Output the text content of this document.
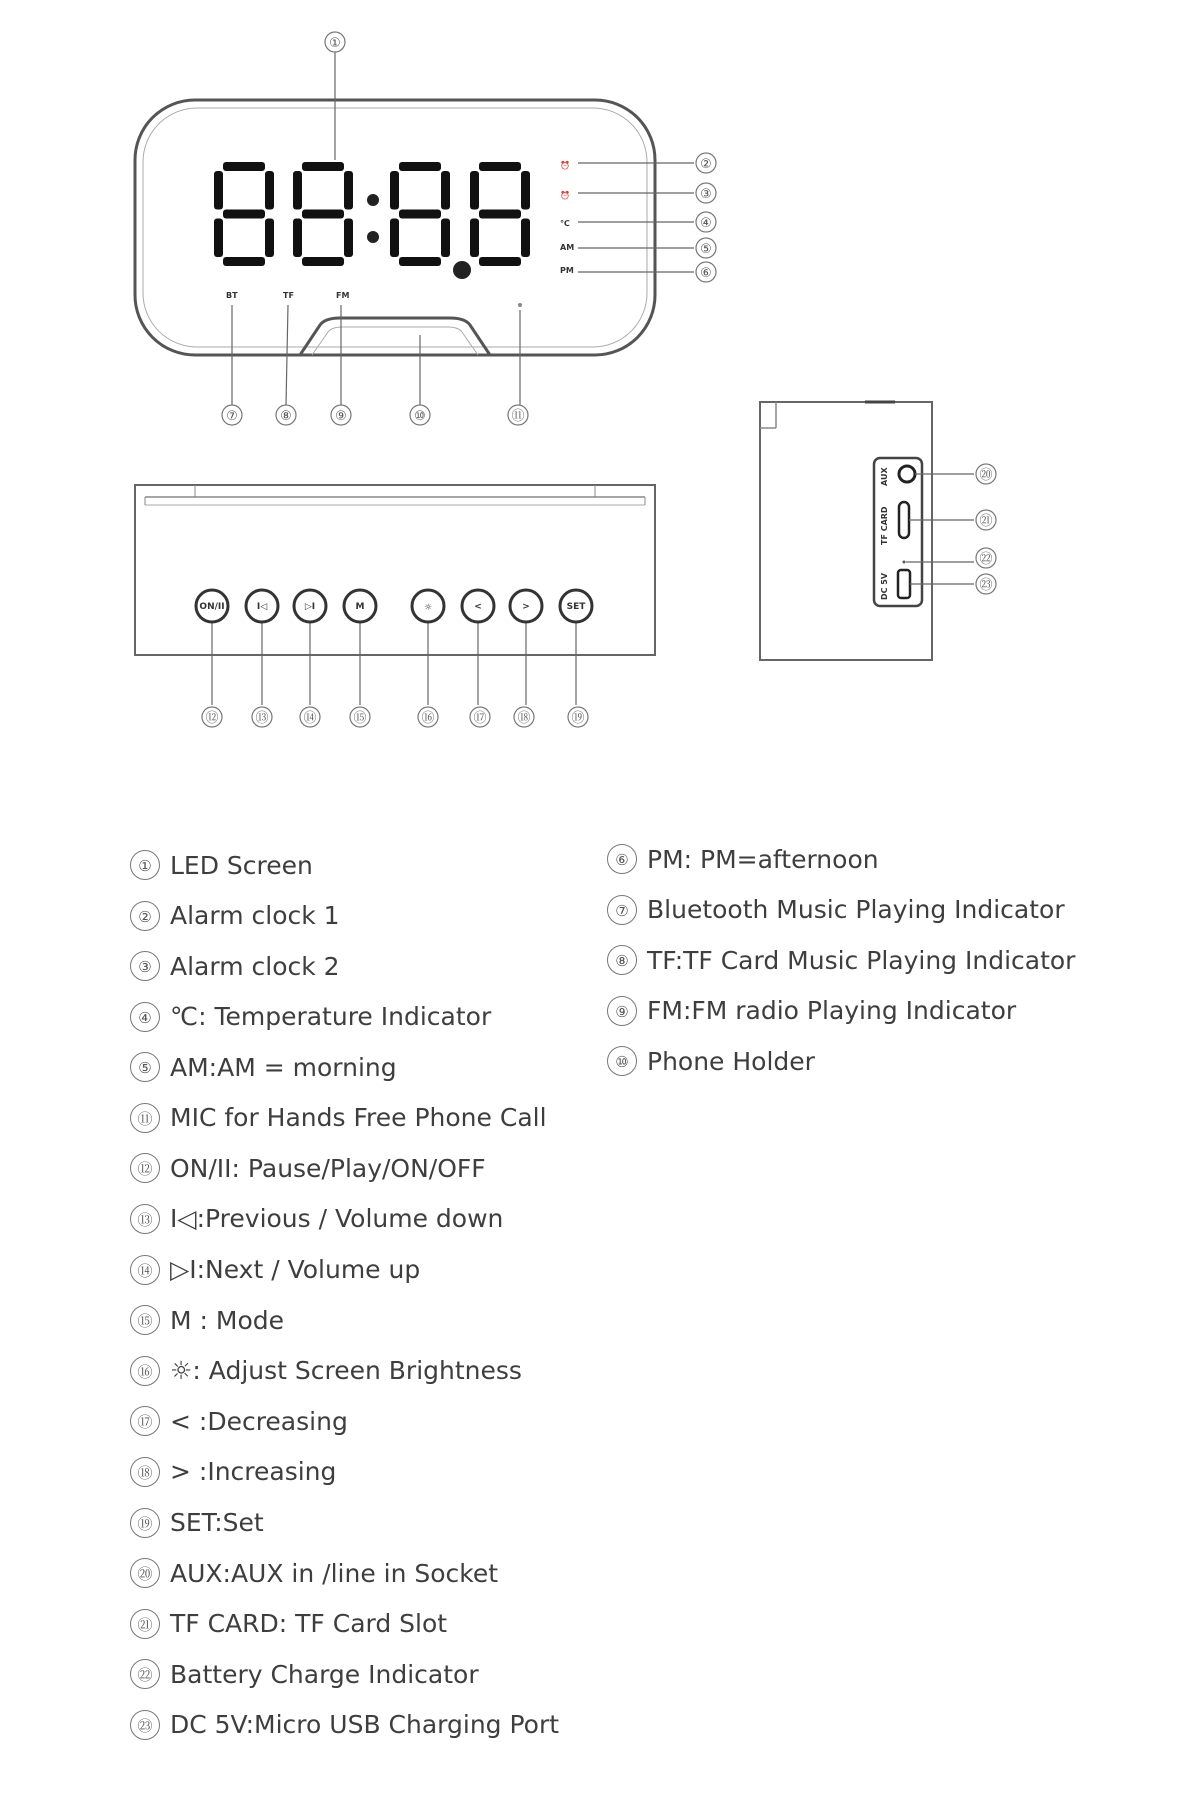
⏰
⏰
℃
AM
PM
BT	TF	FM
①
②
③
④
⑤
⑥
⑦	⑧	⑨	⑩	⑪
ON/II	I◁	▷I	M	☼	<	>	SET
⑫	⑬	⑭	⑮	⑯	⑰ ⑱	⑲
AUX
TF CARD
DC 5V
⑳
㉑
㉒
㉓
① LED Screen
② Alarm clock 1
③ Alarm clock 2
④ ℃: Temperature Indicator
⑤ AM:AM = morning
⑪ MIC for Hands Free Phone Call
⑫ ON/II: Pause/Play/ON/OFF
⑬ I◁:Previous / Volume down
⑭ ▷I:Next / Volume up
⑮ M : Mode
⑯ ☼: Adjust Screen Brightness
⑰ < :Decreasing
⑱ > :Increasing
⑲ SET:Set
⑳ AUX:AUX in /line in Socket
㉑ TF CARD: TF Card Slot
㉒ Battery Charge Indicator
㉓ DC 5V:Micro USB Charging Port
⑥ PM: PM=afternoon
⑦ Bluetooth Music Playing Indicator
⑧ TF:TF Card Music Playing Indicator
⑨ FM:FM radio Playing Indicator
⑩ Phone Holder
